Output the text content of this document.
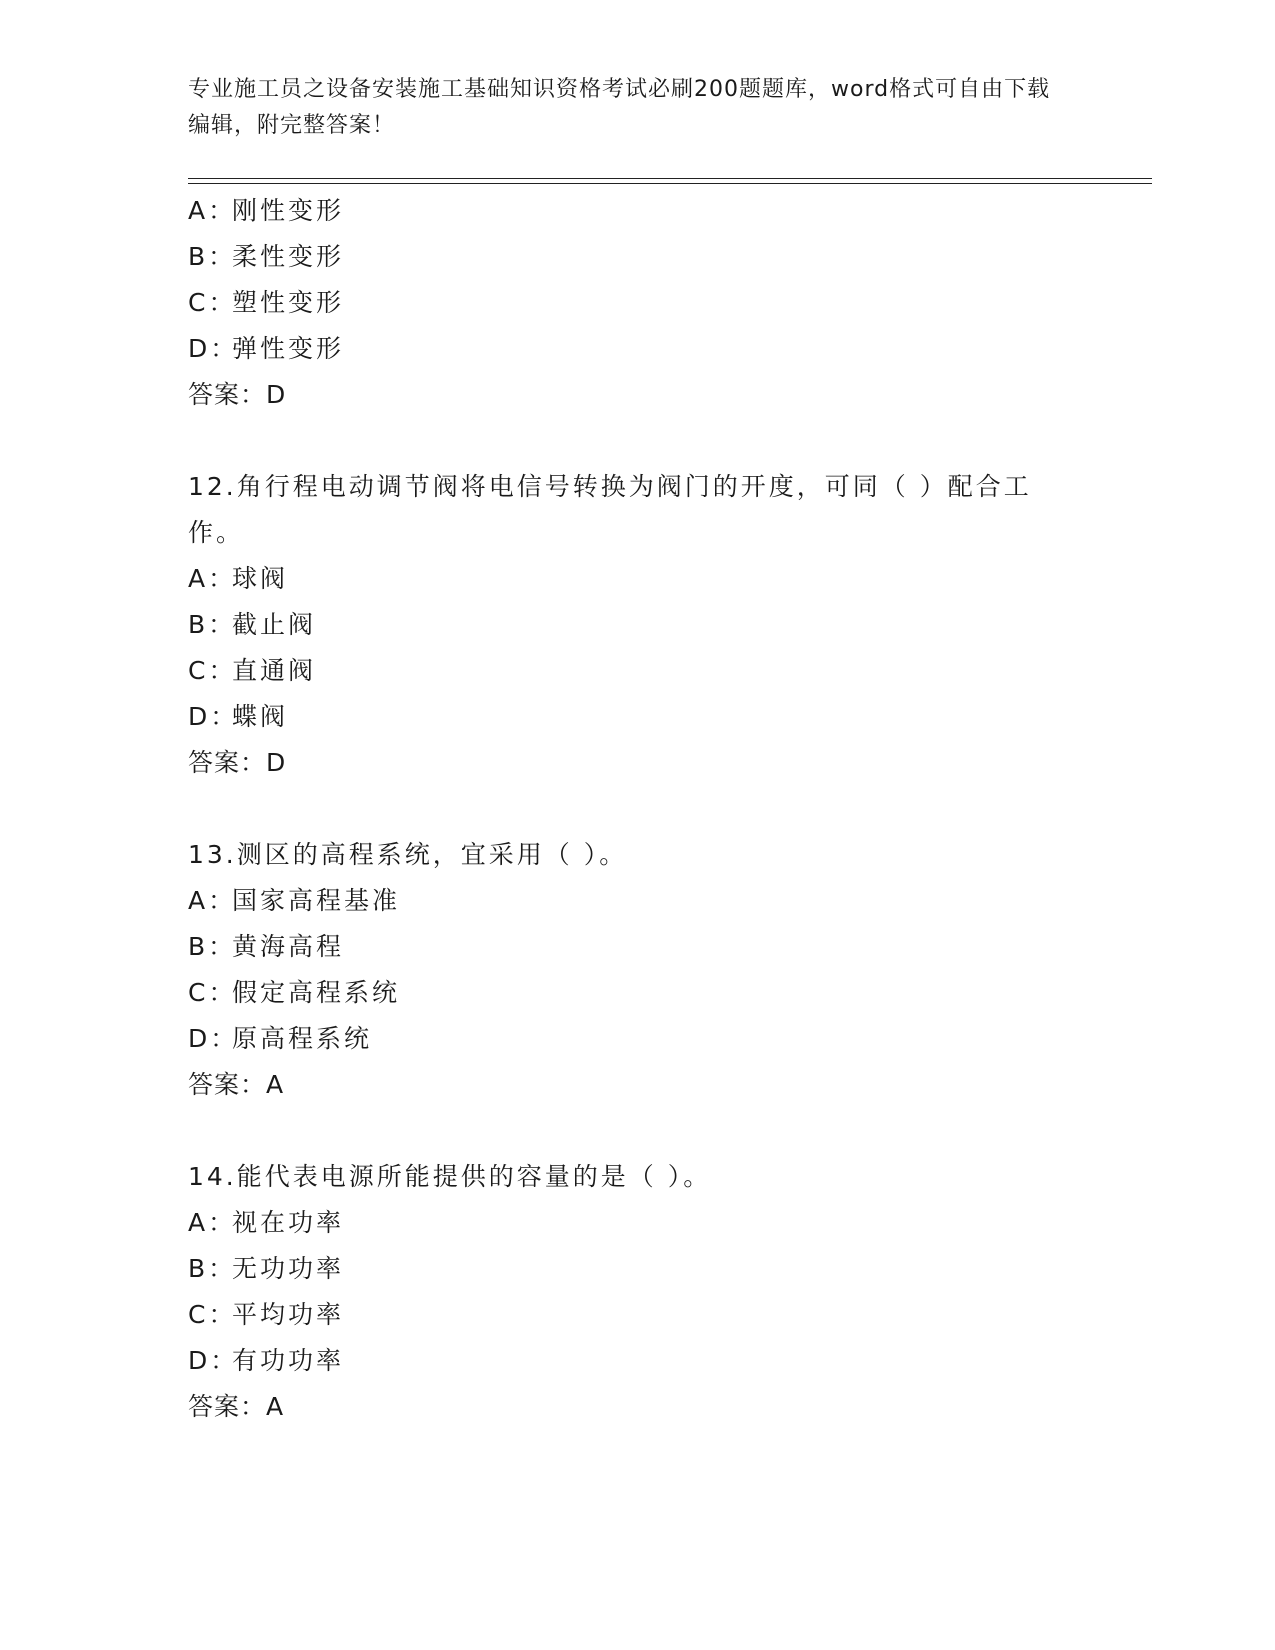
专业施工员之设备安装施工基础知识资格考试必刷200题题库，word格式可自由下载编辑，附完整答案！
A：刚性变形
B：柔性变形
C：塑性变形
D：弹性变形
答案：D
12.角行程电动调节阀将电信号转换为阀门的开度，可同（ ）配合工作。
A：球阀
B：截止阀
C：直通阀
D：蝶阀
答案：D
13.测区的高程系统，宜采用（ ）。
A：国家高程基准
B：黄海高程
C：假定高程系统
D：原高程系统
答案：A
14.能代表电源所能提供的容量的是（ ）。
A：视在功率
B：无功功率
C：平均功率
D：有功功率
答案：A
